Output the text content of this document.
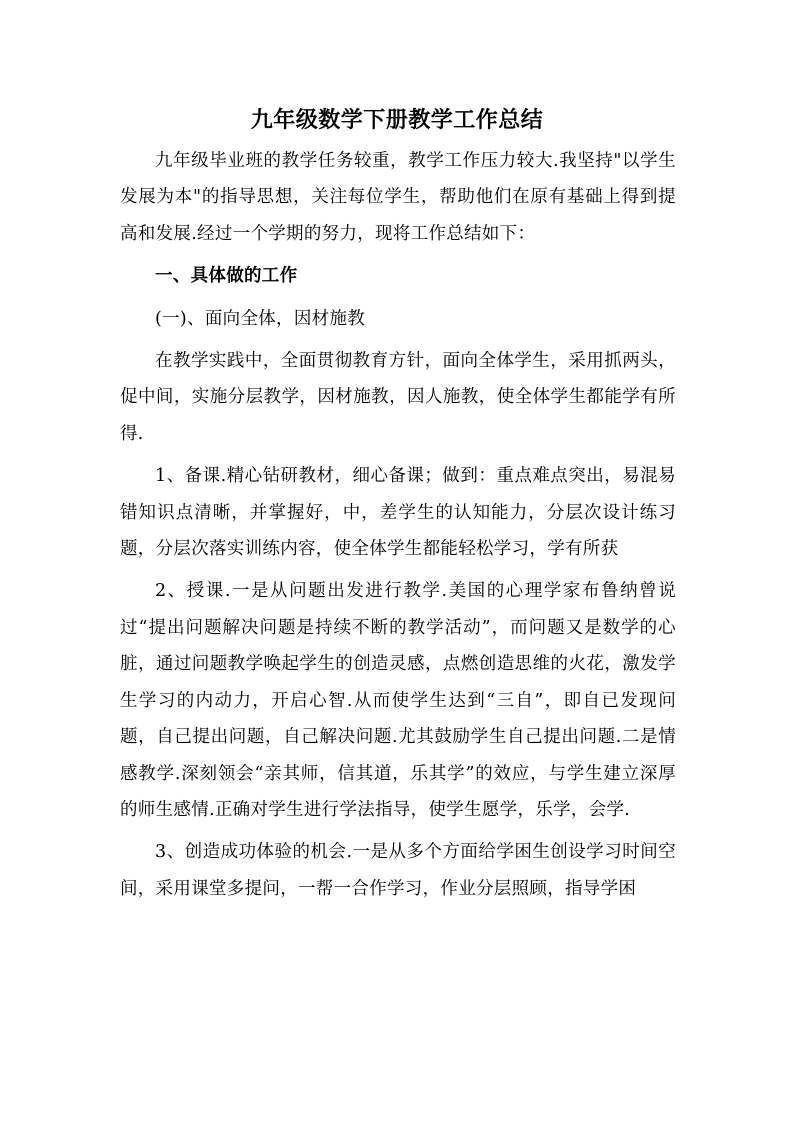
九年级数学下册教学工作总结

九年级毕业班的教学任务较重，教学工作压力较大.我坚持"以学生发展为本"的指导思想，关注每位学生，帮助他们在原有基础上得到提高和发展.经过一个学期的努力，现将工作总结如下：

一、具体做的工作

(一)、面向全体，因材施教

在教学实践中，全面贯彻教育方针，面向全体学生，采用抓两头，促中间，实施分层教学，因材施教，因人施教，使全体学生都能学有所得.

1、备课.精心钻研教材，细心备课；做到：重点难点突出，易混易错知识点清晰，并掌握好，中，差学生的认知能力，分层次设计练习题，分层次落实训练内容，使全体学生都能轻松学习，学有所获

2、授课.一是从问题出发进行教学.美国的心理学家布鲁纳曾说过“提出问题解决问题是持续不断的教学活动”，而问题又是数学的心脏，通过问题教学唤起学生的创造灵感，点燃创造思维的火花，激发学生学习的内动力，开启心智.从而使学生达到“三自”，即自已发现问题，自己提出问题，自己解决问题.尤其鼓励学生自己提出问题.二是情感教学.深刻领会“亲其师，信其道，乐其学”的效应，与学生建立深厚的师生感情.正确对学生进行学法指导，使学生愿学，乐学，会学.

3、创造成功体验的机会.一是从多个方面给学困生创设学习时间空间，采用课堂多提问，一帮一合作学习，作业分层照顾，指导学困
